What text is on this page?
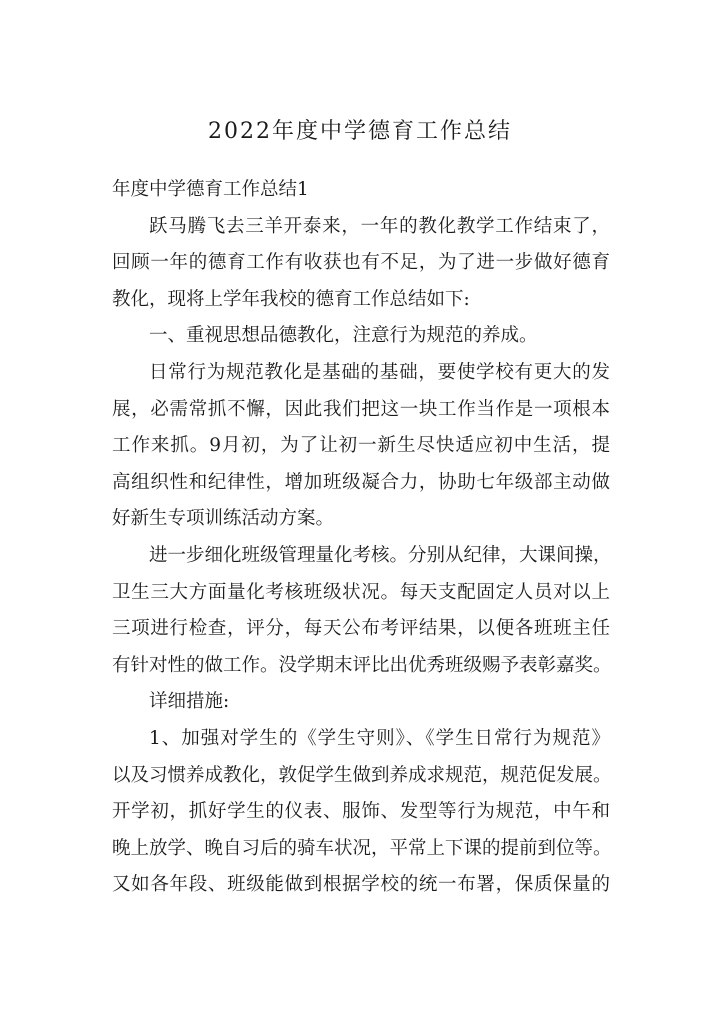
2022年度中学德育工作总结
年度中学德育工作总结1
跃马腾飞去三羊开泰来，一年的教化教学工作结束了，
回顾一年的德育工作有收获也有不足，为了进一步做好德育
教化，现将上学年我校的德育工作总结如下:
一、重视思想品德教化，注意行为规范的养成。
日常行为规范教化是基础的基础，要使学校有更大的发
展，必需常抓不懈，因此我们把这一块工作当作是一项根本
工作来抓。9月初，为了让初一新生尽快适应初中生活，提
高组织性和纪律性，增加班级凝合力，协助七年级部主动做
好新生专项训练活动方案。
进一步细化班级管理量化考核。分别从纪律，大课间操，
卫生三大方面量化考核班级状况。每天支配固定人员对以上
三项进行检查，评分，每天公布考评结果，以便各班班主任
有针对性的做工作。没学期末评比出优秀班级赐予表彰嘉奖。
详细措施:
1、加强对学生的《学生守则》、《学生日常行为规范》
以及习惯养成教化，敦促学生做到养成求规范，规范促发展。
开学初，抓好学生的仪表、服饰、发型等行为规范，中午和
晚上放学、晚自习后的骑车状况，平常上下课的提前到位等。
又如各年段、班级能做到根据学校的统一布署，保质保量的
